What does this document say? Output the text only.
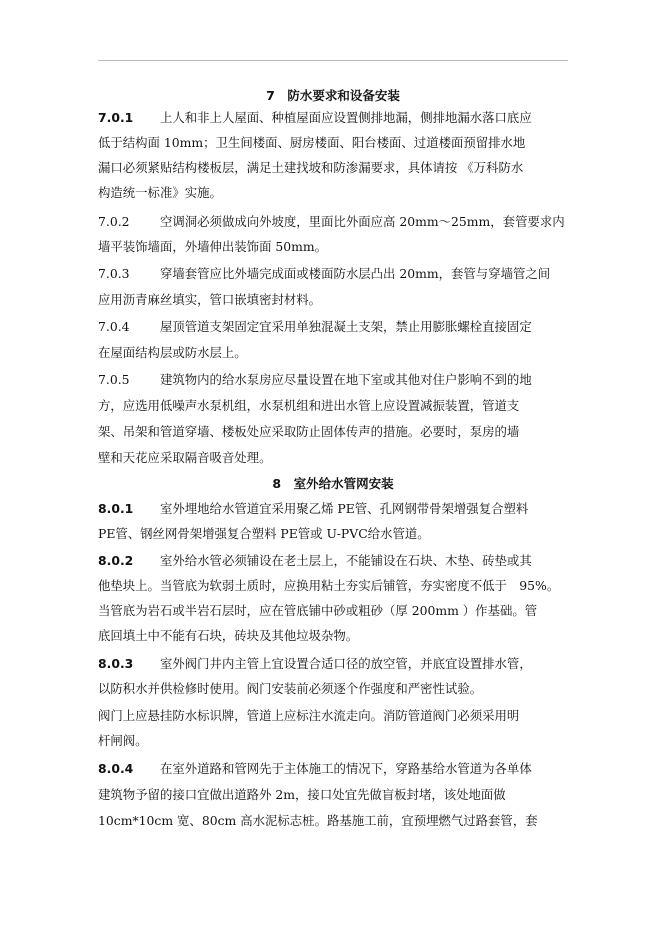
7　防水要求和设备安装
7.0.1 上人和非上人屋面、种植屋面应设置侧排地漏，侧排地漏水落口底应
低于结构面 10mm；卫生间楼面、厨房楼面、阳台楼面、过道楼面预留排水地
漏口必须紧贴结构楼板层，满足土建找坡和防渗漏要求，具体请按 《万科防水
构造统一标准》实施。
7.0.2 空调洞必须做成向外坡度，里面比外面应高 20mm～25mm，套管要求内
墙平装饰墙面，外墙伸出装饰面 50mm。
7.0.3 穿墙套管应比外墙完成面或楼面防水层凸出 20mm，套管与穿墙管之间
应用沥青麻丝填实，管口嵌填密封材料。
7.0.4 屋顶管道支架固定宜采用单独混凝土支架，禁止用膨胀螺栓直接固定
在屋面结构层或防水层上。
7.0.5 建筑物内的给水泵房应尽量设置在地下室或其他对住户影响不到的地
方，应选用低噪声水泵机组，水泵机组和进出水管上应设置减振装置，管道支
架、吊架和管道穿墙、楼板处应采取防止固体传声的措施。必要时，泵房的墙
壁和天花应采取隔音吸音处理。
8　室外给水管网安装
8.0.1 室外埋地给水管道宜采用聚乙烯 PE管、孔网钢带骨架增强复合塑料
PE管、钢丝网骨架增强复合塑料 PE管或 U-PVC给水管道。
8.0.2 室外给水管必须铺设在老土层上，不能铺设在石块、木垫、砖垫或其
他垫块上。当管底为软弱土质时，应换用粘土夯实后铺管，夯实密度不低于　95%。
当管底为岩石或半岩石层时，应在管底铺中砂或粗砂（厚 200mm ）作基础。管
底回填土中不能有石块，砖块及其他垃圾杂物。
8.0.3 室外阀门井内主管上宜设置合适口径的放空管，并底宜设置排水管，
以防积水并供检修时使用。阀门安装前必须逐个作强度和严密性试验。
阀门上应悬挂防水标识牌，管道上应标注水流走向。消防管道阀门必须采用明
杆闸阀。
8.0.4 在室外道路和管网先于主体施工的情况下，穿路基给水管道为各单体
建筑物予留的接口宜做出道路外 2m，接口处宜先做盲板封堵，该处地面做
10cm*10cm 宽、80cm 高水泥标志桩。路基施工前，宜预埋燃气过路套管，套
